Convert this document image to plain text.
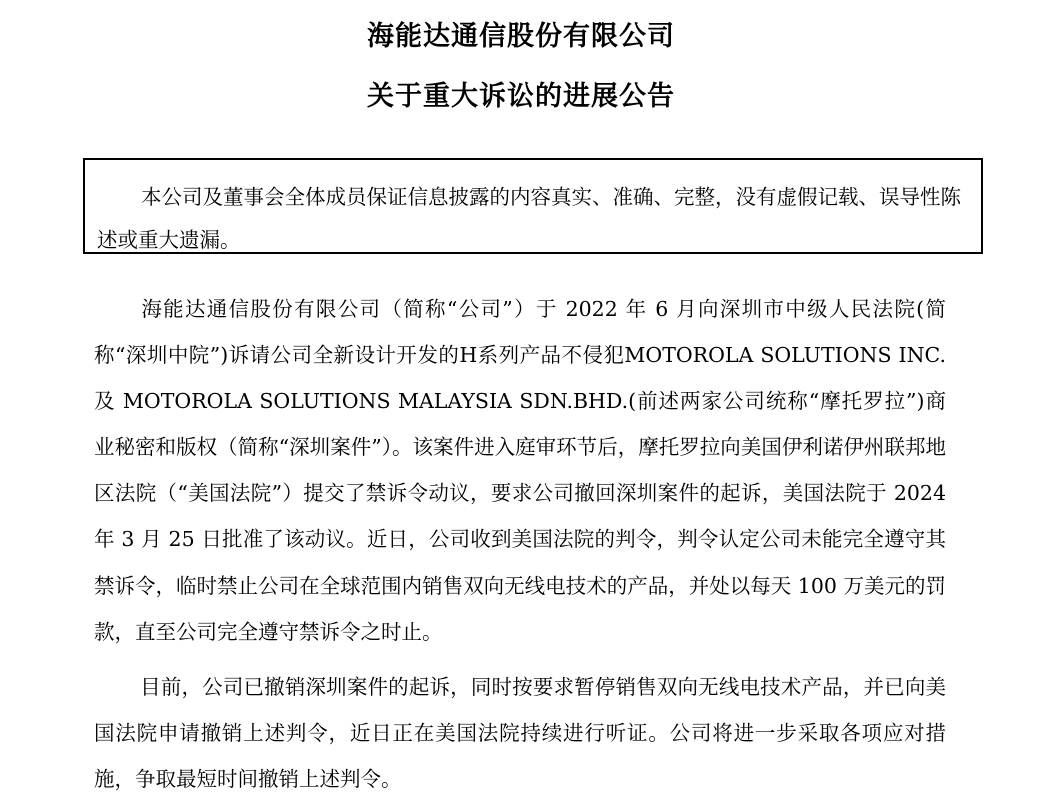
海能达通信股份有限公司
关于重大诉讼的进展公告
本公司及董事会全体成员保证信息披露的内容真实、准确、完整，没有虚假记载、误导性陈述或重大遗漏。

海能达通信股份有限公司（简称“公司”）于 2022 年 6 月向深圳市中级人民法院(简称“深圳中院”)诉请公司全新设计开发的H系列产品不侵犯MOTOROLA SOLUTIONS INC.及 MOTOROLA SOLUTIONS MALAYSIA SDN.BHD.(前述两家公司统称“摩托罗拉”)商业秘密和版权（简称“深圳案件”）。该案件进入庭审环节后，摩托罗拉向美国伊利诺伊州联邦地区法院（“美国法院”）提交了禁诉令动议，要求公司撤回深圳案件的起诉，美国法院于 2024 年 3 月 25 日批准了该动议。近日，公司收到美国法院的判令，判令认定公司未能完全遵守其禁诉令，临时禁止公司在全球范围内销售双向无线电技术的产品，并处以每天 100 万美元的罚款，直至公司完全遵守禁诉令之时止。

目前，公司已撤销深圳案件的起诉，同时按要求暂停销售双向无线电技术产品，并已向美国法院申请撤销上述判令，近日正在美国法院持续进行听证。公司将进一步采取各项应对措施，争取最短时间撤销上述判令。
